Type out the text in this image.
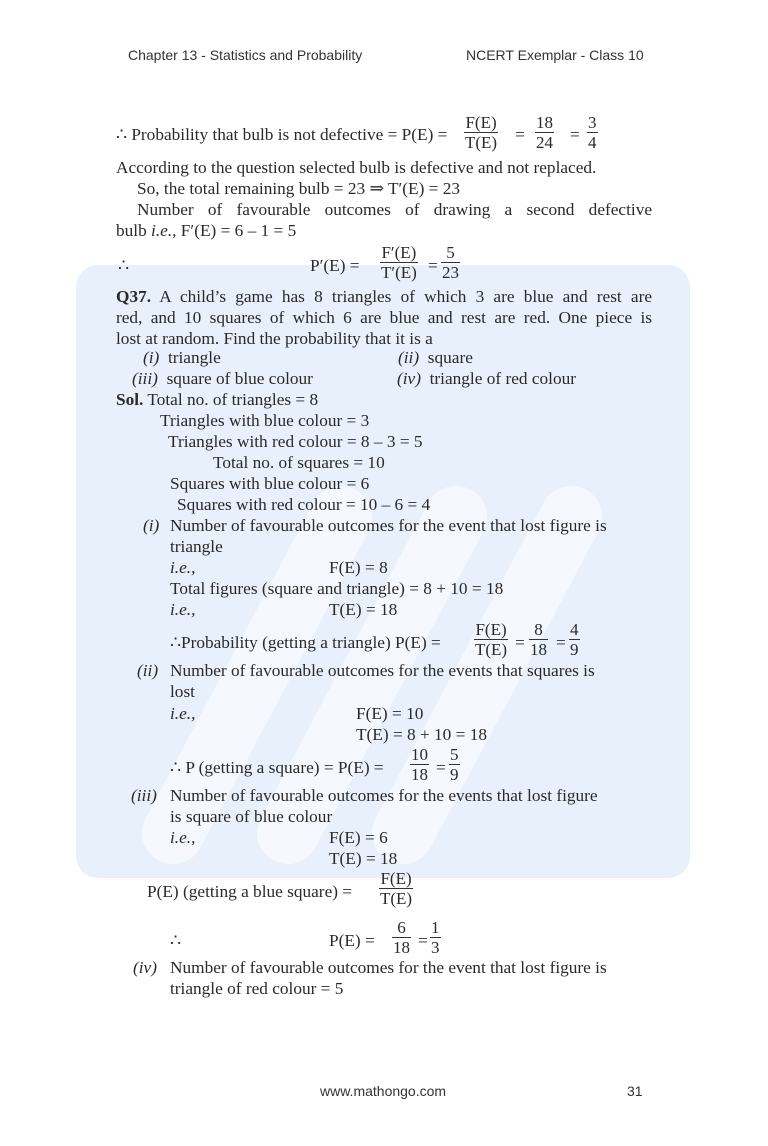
Chapter 13 - Statistics and Probability	NCERT Exemplar - Class 10
∴ Probability that bulb is not defective = $P(E) = \frac{F(E)}{T(E)} = \frac{18}{24} = \frac{3}{4}$
According to the question selected bulb is defective and not replaced.
So, the total remaining bulb = 23 ⇒ T′(E) = 23
Number of favourable outcomes of drawing a second defective
bulb i.e., F′(E) = 6 – 1 = 5
∴	$P'(E) = \frac{F'(E)}{T'(E)} = \frac{5}{23}$
Q37. A child’s game has 8 triangles of which 3 are blue and rest are
red, and 10 squares of which 6 are blue and rest are red. One piece is
lost at random. Find the probability that it is a
(i) triangle	(ii) square
(iii) square of blue colour	(iv) triangle of red colour
Sol. Total no. of triangles = 8
Triangles with blue colour = 3
Triangles with red colour = 8 – 3 = 5
Total no. of squares = 10
Squares with blue colour = 6
Squares with red colour = 10 – 6 = 4
(i) Number of favourable outcomes for the event that lost figure is
triangle
i.e.,	F(E) = 8
Total figures (square and triangle) = 8 + 10 = 18
i.e.,	T(E) = 18
∴Probability (getting a triangle) $P(E) = \frac{F(E)}{T(E)} = \frac{8}{18} = \frac{4}{9}$
(ii) Number of favourable outcomes for the events that squares is
lost
i.e.,	F(E) = 10
T(E) = 8 + 10 = 18
∴ P (getting a square) = $P(E) = \frac{10}{18} = \frac{5}{9}$
(iii) Number of favourable outcomes for the events that lost figure
is square of blue colour
i.e.,	F(E) = 6
T(E) = 18
P(E) (getting a blue square) = $\frac{F(E)}{T(E)}$
∴	$P(E) = \frac{6}{18} = \frac{1}{3}$
(iv) Number of favourable outcomes for the event that lost figure is
triangle of red colour = 5
www.mathongo.com	31
